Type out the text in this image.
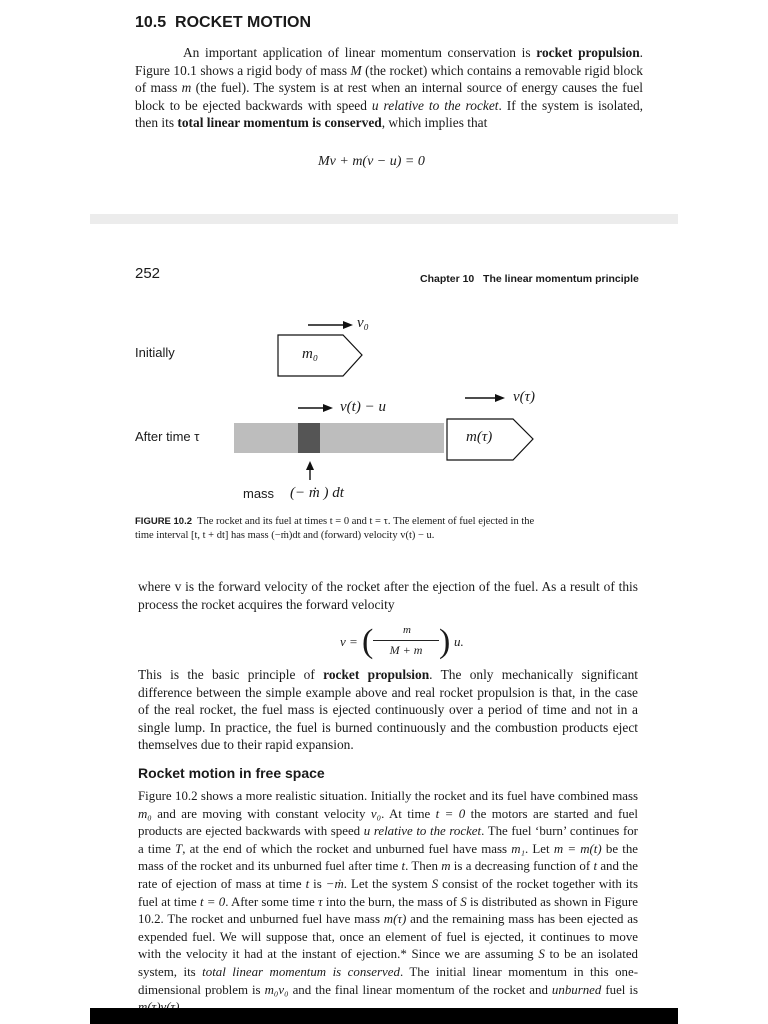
10.5  ROCKET MOTION
An important application of linear momentum conservation is rocket propulsion. Figure 10.1 shows a rigid body of mass M (the rocket) which contains a removable rigid block of mass m (the fuel). The system is at rest when an internal source of energy causes the fuel block to be ejected backwards with speed u relative to the rocket. If the system is isolated, then its total linear momentum is conserved, which implies that
Mv + m(v − u) = 0
252	Chapter 10 The linear momentum principle
Initially
After time τ
v₀
m₀
v(t) − u
v(τ)
m(τ)
mass (− ṁ ) dt
FIGURE 10.2 The rocket and its fuel at times t = 0 and t = τ. The element of fuel ejected in the time interval [t, t + dt] has mass (−ṁ)dt and (forward) velocity v(t) − u.
where v is the forward velocity of the rocket after the ejection of the fuel. As a result of this process the rocket acquires the forward velocity
v = (	m
M + m ) u.
This is the basic principle of rocket propulsion. The only mechanically significant difference between the simple example above and real rocket propulsion is that, in the case of the real rocket, the fuel mass is ejected continuously over a period of time and not in a single lump. In practice, the fuel is burned continuously and the combustion products eject themselves due to their rapid expansion.
Rocket motion in free space
Figure 10.2 shows a more realistic situation. Initially the rocket and its fuel have combined mass m₀ and are moving with constant velocity v₀. At time t = 0 the motors are started and fuel products are ejected backwards with speed u relative to the rocket. The fuel ‘burn’ continues for a time T, at the end of which the rocket and unburned fuel have mass m₁. Let m = m(t) be the mass of the rocket and its unburned fuel after time t. Then m is a decreasing function of t and the rate of ejection of mass at time t is −ṁ. Let the system S consist of the rocket together with its fuel at time t = 0. After some time τ into the burn, the mass of S is distributed as shown in Figure 10.2. The rocket and unburned fuel have mass m(τ) and the remaining mass has been ejected as expended fuel. We will suppose that, once an element of fuel is ejected, it continues to move with the velocity it had at the instant of ejection.* Since we are assuming S to be an isolated system, its total linear momentum is conserved. The initial linear momentum in this one-dimensional problem is m₀v₀ and the final linear momentum of the rocket and unburned fuel is
